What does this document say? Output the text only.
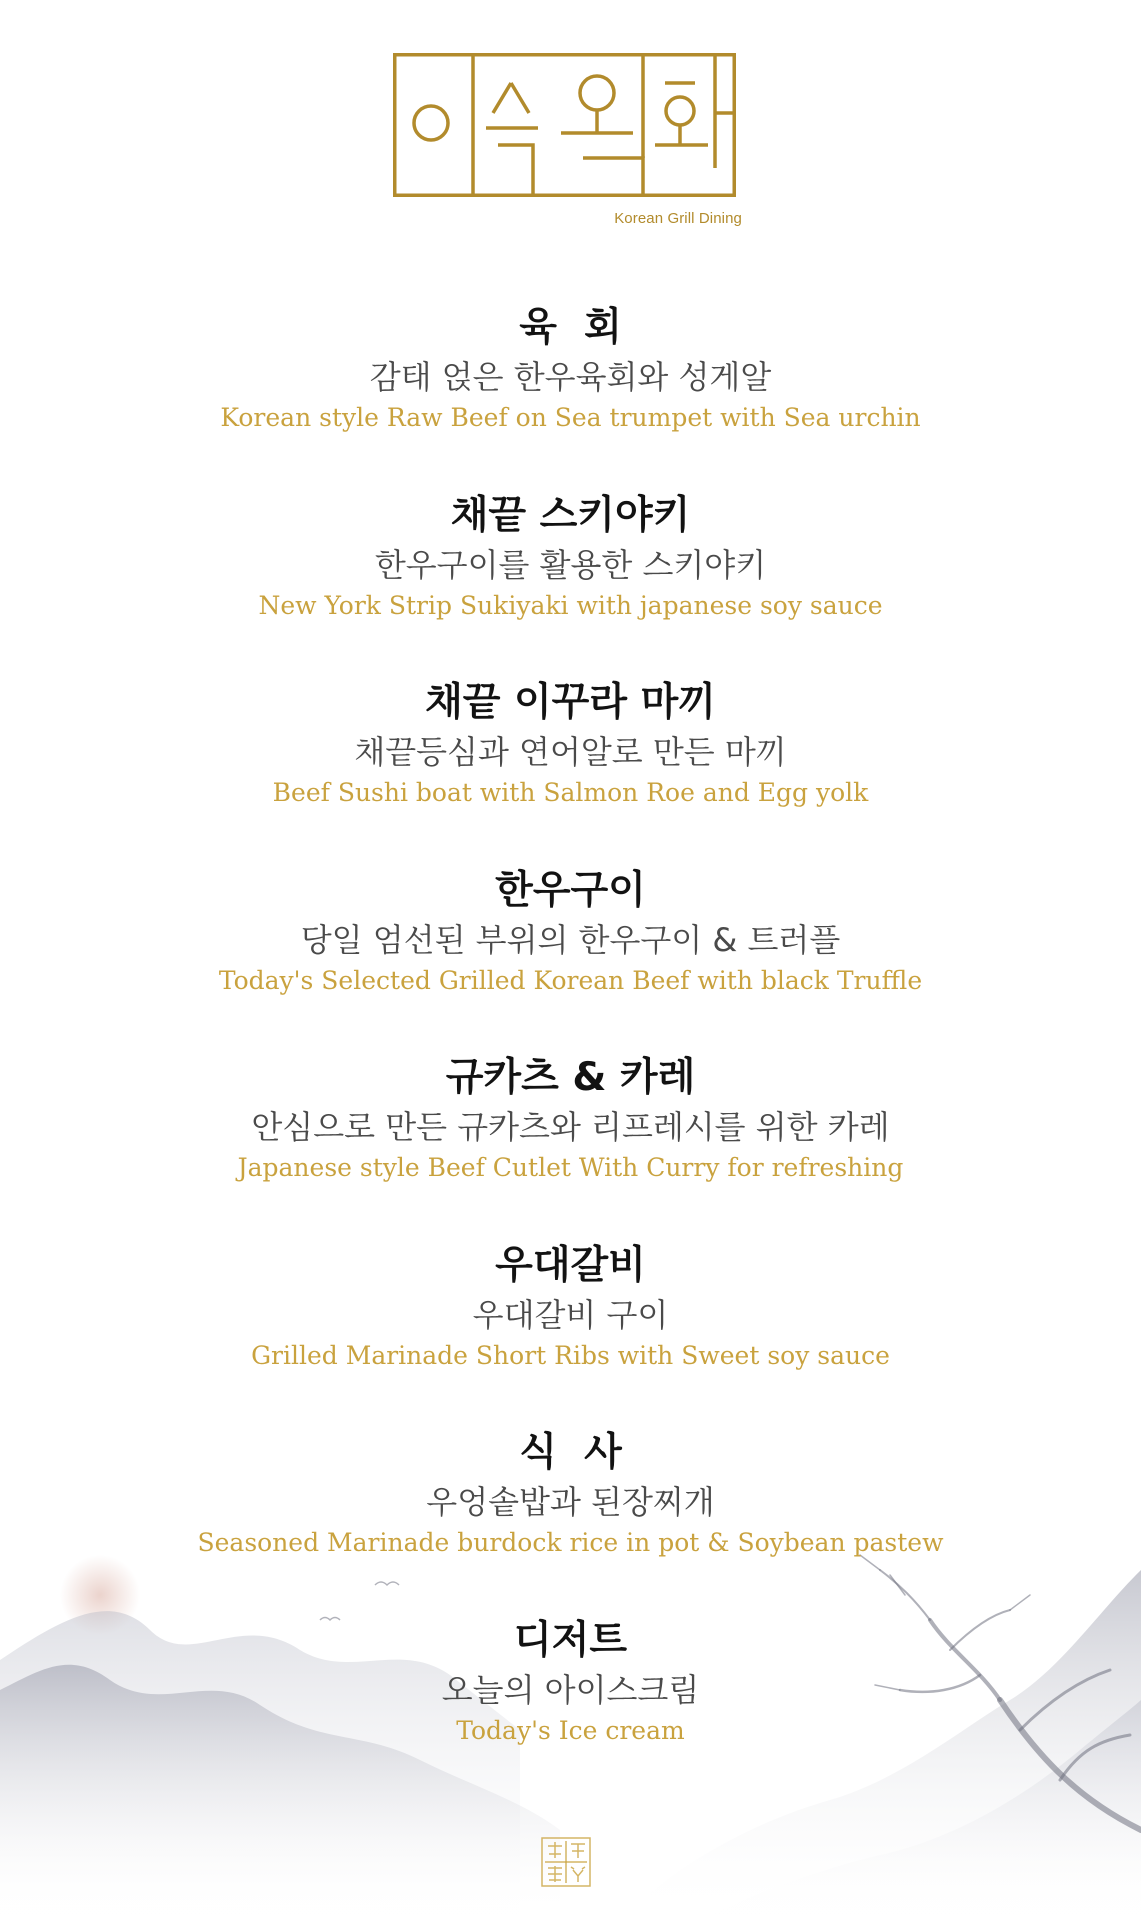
Korean Grill Dining
육  회
감태 얹은 한우육회와 성게알
Korean style Raw Beef on Sea trumpet with Sea urchin
채끝 스키야키
한우구이를 활용한 스키야키
New York Strip Sukiyaki with japanese soy sauce
채끝 이꾸라 마끼
채끝등심과 연어알로 만든 마끼
Beef Sushi boat with Salmon Roe and Egg yolk
한우구이
당일 엄선된 부위의 한우구이 & 트러플
Today's Selected Grilled Korean Beef with black Truffle
규카츠 & 카레
안심으로 만든 규카츠와 리프레시를 위한 카레
Japanese style Beef Cutlet With Curry for refreshing
우대갈비
우대갈비 구이
Grilled Marinade Short Ribs with Sweet soy sauce
식  사
우엉솥밥과 된장찌개
Seasoned Marinade burdock rice in pot & Soybean pastew
디저트
오늘의 아이스크림
Today's Ice cream
